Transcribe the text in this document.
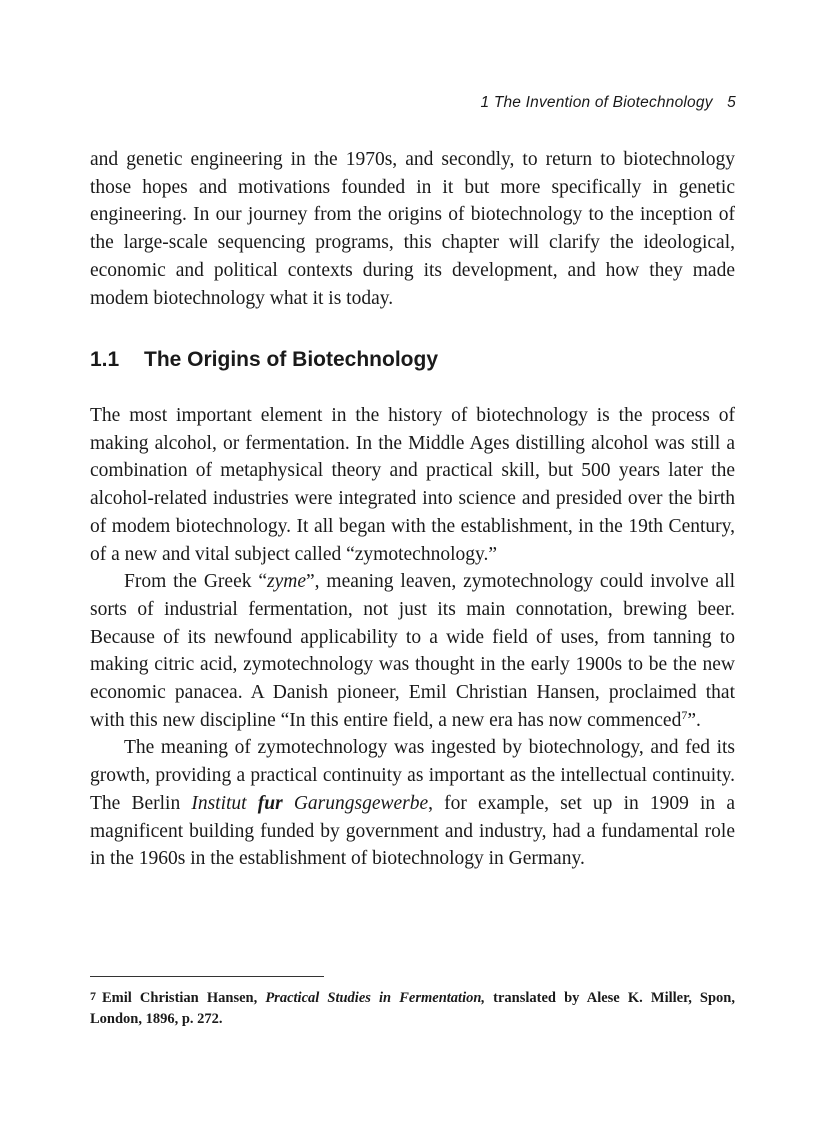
1 The Invention of Biotechnology 5

and genetic engineering in the 1970s, and secondly, to return to biotechnology those hopes and motivations founded in it but more specifically in genetic engineering. In our journey from the origins of biotechnology to the inception of the large-scale sequencing programs, this chapter will clarify the ideological, economic and political contexts during its development, and how they made modem biotechnology what it is today.

1.1 The Origins of Biotechnology

The most important element in the history of biotechnology is the process of making alcohol, or fermentation. In the Middle Ages distilling alcohol was still a combination of metaphysical theory and practical skill, but 500 years later the alcohol-related industries were integrated into science and presided over the birth of modem biotechnology. It all began with the establishment, in the 19th Century, of a new and vital subject called “zymotechnology.”

From the Greek “zyme”, meaning leaven, zymotechnology could involve all sorts of industrial fermentation, not just its main connotation, brewing beer. Because of its newfound applicability to a wide field of uses, from tanning to making citric acid, zymotechnology was thought in the early 1900s to be the new economic panacea. A Danish pioneer, Emil Christian Hansen, proclaimed that with this new discipline “In this entire field, a new era has now commenced$^7$”.

The meaning of zymotechnology was ingested by biotechnology, and fed its growth, providing a practical continuity as important as the intellectual continuity. The Berlin Institut fur Garungsgewerbe, for example, set up in 1909 in a magnificent building funded by government and industry, had a fundamental role in the 1960s in the establishment of biotechnology in Germany.

7 Emil Christian Hansen, Practical Studies in Fermentation, translated by Alese K. Miller, Spon, London, 1896, p. 272.
